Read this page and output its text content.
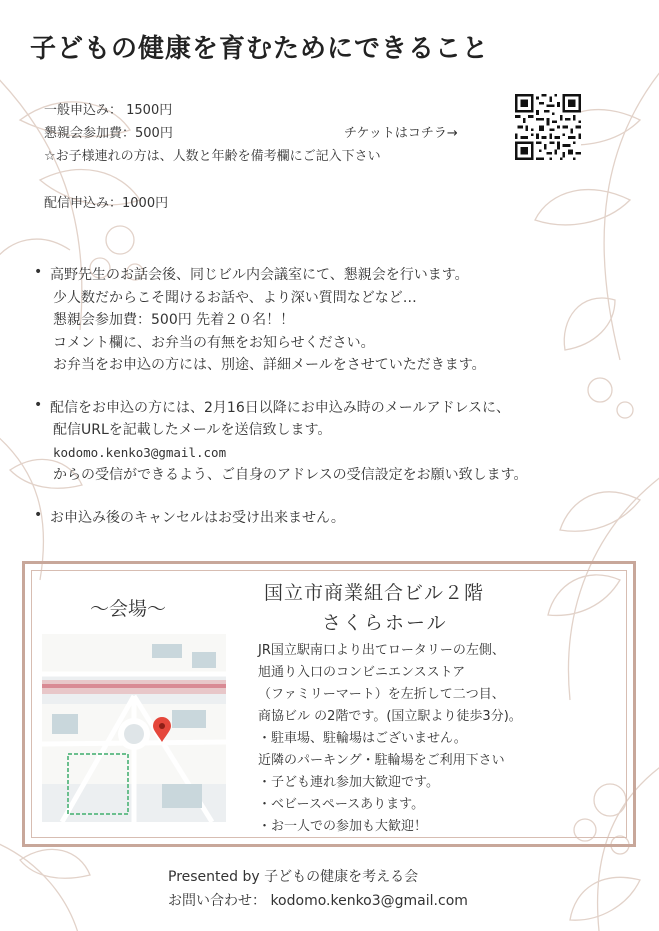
子どもの健康を育むためにできること
一般申込み： 1500円
懇親会参加費：500円
☆お子様連れの方は、人数と年齢を備考欄にご記入下さい
配信申込み：1000円
チケットはコチラ→
• 高野先生のお話会後、同じビル内会議室にて、懇親会を行います。
少人数だからこそ聞けるお話や、より深い質問などなど…
懇親会参加費：500円 先着２０名！！
コメント欄に、お弁当の有無をお知らせください。
お弁当をお申込の方には、別途、詳細メールをさせていただきます。
• 配信をお申込の方には、2月16日以降にお申込み時のメールアドレスに、
配信URLを記載したメールを送信致します。
kodomo.kenko3@gmail.com
からの受信ができるよう、ご自身のアドレスの受信設定をお願い致します。
• お申込み後のキャンセルはお受け出来ません。
～会場～
国立市商業組合ビル２階
さくらホール
JR国立駅南口より出てロータリーの左側、
旭通り入口のコンビニエンスストア
（ファミリーマート）を左折して二つ目、
商協ビル の2階です。(国立駅より徒歩3分)。
・駐車場、駐輪場はございません。
近隣のパーキング・駐輪場をご利用下さい
・子ども連れ参加大歓迎です。
・ベビースペースあります。
・お一人での参加も大歓迎！
Presented by 子どもの健康を考える会
お問い合わせ： kodomo.kenko3@gmail.com
